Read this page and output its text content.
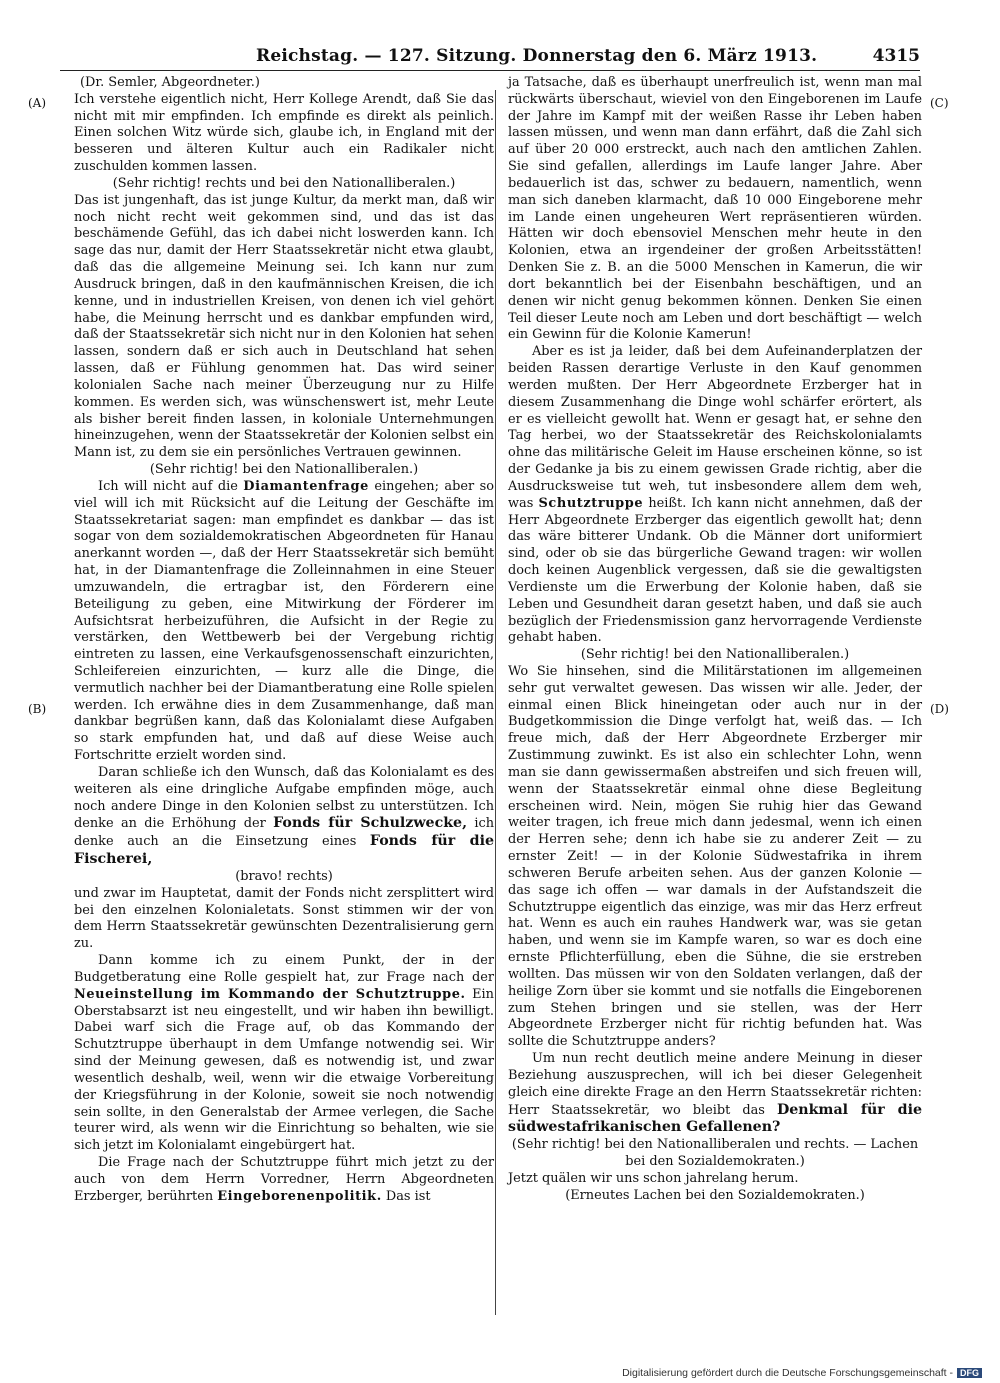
Reichstag. — 127. Sitzung. Donnerstag den 6. März 1913.	4315
(A)
(B)
(C)
(D)

(Dr. Semler, Abgeordneter.)

Ich verstehe eigentlich nicht, Herr Kollege Arendt, daß Sie das nicht mit mir empfinden. Ich empfinde es direkt als peinlich. Einen solchen Witz würde sich, glaube ich, in England mit der besseren und älteren Kultur auch ein Radikaler nicht zuschulden kommen lassen.

(Sehr richtig! rechts und bei den Nationalliberalen.)

Das ist jungenhaft, das ist junge Kultur, da merkt man, daß wir noch nicht recht weit gekommen sind, und das ist das beschämende Gefühl, das ich dabei nicht loswerden kann. Ich sage das nur, damit der Herr Staatssekretär nicht etwa glaubt, daß das die allgemeine Meinung sei. Ich kann nur zum Ausdruck bringen, daß in den kaufmännischen Kreisen, die ich kenne, und in industriellen Kreisen, von denen ich viel gehört habe, die Meinung herrscht und es dankbar empfunden wird, daß der Staatssekretär sich nicht nur in den Kolonien hat sehen lassen, sondern daß er sich auch in Deutschland hat sehen lassen, daß er Fühlung genommen hat. Das wird seiner kolonialen Sache nach meiner Überzeugung nur zu Hilfe kommen. Es werden sich, was wünschenswert ist, mehr Leute als bisher bereit finden lassen, in koloniale Unternehmungen hineinzugehen, wenn der Staatssekretär der Kolonien selbst ein Mann ist, zu dem sie ein persönliches Vertrauen gewinnen.

(Sehr richtig! bei den Nationalliberalen.)

Ich will nicht auf die Diamantenfrage eingehen; aber so viel will ich mit Rücksicht auf die Leitung der Geschäfte im Staatssekretariat sagen: man empfindet es dankbar — das ist sogar von dem sozialdemokratischen Abgeordneten für Hanau anerkannt worden —, daß der Herr Staatssekretär sich bemüht hat, in der Diamantenfrage die Zolleinnahmen in eine Steuer umzuwandeln, die ertragbar ist, den Förderern eine Beteiligung zu geben, eine Mitwirkung der Förderer im Aufsichtsrat herbeizuführen, die Aufsicht in der Regie zu verstärken, den Wettbewerb bei der Vergebung richtig eintreten zu lassen, eine Verkaufsgenossenschaft einzurichten, Schleifereien einzurichten, — kurz alle die Dinge, die vermutlich nachher bei der Diamantberatung eine Rolle spielen werden. Ich erwähne dies in dem Zusammenhange, daß man dankbar begrüßen kann, daß das Kolonialamt diese Aufgaben so stark empfunden hat, und daß auf diese Weise auch Fortschritte erzielt worden sind.

Daran schließe ich den Wunsch, daß das Kolonialamt es des weiteren als eine dringliche Aufgabe empfinden möge, auch noch andere Dinge in den Kolonien selbst zu unterstützen. Ich denke an die Erhöhung der Fonds für Schulzwecke, ich denke auch an die Einsetzung eines Fonds für die Fischerei,

(bravo! rechts)

und zwar im Hauptetat, damit der Fonds nicht zersplittert wird bei den einzelnen Kolonialetats. Sonst stimmen wir der von dem Herrn Staatssekretär gewünschten Dezentralisierung gern zu.

Dann komme ich zu einem Punkt, der in der Budgetberatung eine Rolle gespielt hat, zur Frage nach der Neueinstellung im Kommando der Schutztruppe. Ein Oberstabsarzt ist neu eingestellt, und wir haben ihn bewilligt. Dabei warf sich die Frage auf, ob das Kommando der Schutztruppe überhaupt in dem Umfange notwendig sei. Wir sind der Meinung gewesen, daß es notwendig ist, und zwar wesentlich deshalb, weil, wenn wir die etwaige Vorbereitung der Kriegsführung in der Kolonie, soweit sie noch notwendig sein sollte, in den Generalstab der Armee verlegen, die Sache teurer wird, als wenn wir die Einrichtung so behalten, wie sie sich jetzt im Kolonialamt eingebürgert hat.

Die Frage nach der Schutztruppe führt mich jetzt zu der auch von dem Herrn Vorredner, Herrn Abgeordneten Erzberger, berührten Eingeborenenpolitik. Das ist

ja Tatsache, daß es überhaupt unerfreulich ist, wenn man mal rückwärts überschaut, wieviel von den Eingeborenen im Laufe der Jahre im Kampf mit der weißen Rasse ihr Leben haben lassen müssen, und wenn man dann erfährt, daß die Zahl sich auf über 20 000 erstreckt, auch nach den amtlichen Zahlen. Sie sind gefallen, allerdings im Laufe langer Jahre. Aber bedauerlich ist das, schwer zu bedauern, namentlich, wenn man sich daneben klarmacht, daß 10 000 Eingeborene mehr im Lande einen ungeheuren Wert repräsentieren würden. Hätten wir doch ebensoviel Menschen mehr heute in den Kolonien, etwa an irgendeiner der großen Arbeitsstätten! Denken Sie z. B. an die 5000 Menschen in Kamerun, die wir dort bekanntlich bei der Eisenbahn beschäftigen, und an denen wir nicht genug bekommen können. Denken Sie einen Teil dieser Leute noch am Leben und dort beschäftigt — welch ein Gewinn für die Kolonie Kamerun!

Aber es ist ja leider, daß bei dem Aufeinanderplatzen der beiden Rassen derartige Verluste in den Kauf genommen werden mußten. Der Herr Abgeordnete Erzberger hat in diesem Zusammenhang die Dinge wohl schärfer erörtert, als er es vielleicht gewollt hat. Wenn er gesagt hat, er sehne den Tag herbei, wo der Staatssekretär des Reichskolonialamts ohne das militärische Geleit im Hause erscheinen könne, so ist der Gedanke ja bis zu einem gewissen Grade richtig, aber die Ausdrucksweise tut weh, tut insbesondere allem dem weh, was Schutztruppe heißt. Ich kann nicht annehmen, daß der Herr Abgeordnete Erzberger das eigentlich gewollt hat; denn das wäre bitterer Undank. Ob die Männer dort uniformiert sind, oder ob sie das bürgerliche Gewand tragen: wir wollen doch keinen Augenblick vergessen, daß sie die gewaltigsten Verdienste um die Erwerbung der Kolonie haben, daß sie Leben und Gesundheit daran gesetzt haben, und daß sie auch bezüglich der Friedensmission ganz hervorragende Verdienste gehabt haben.

(Sehr richtig! bei den Nationalliberalen.)

Wo Sie hinsehen, sind die Militärstationen im allgemeinen sehr gut verwaltet gewesen. Das wissen wir alle. Jeder, der einmal einen Blick hineingetan oder auch nur in der Budgetkommission die Dinge verfolgt hat, weiß das. — Ich freue mich, daß der Herr Abgeordnete Erzberger mir Zustimmung zuwinkt. Es ist also ein schlechter Lohn, wenn man sie dann gewissermaßen abstreifen und sich freuen will, wenn der Staatssekretär einmal ohne diese Begleitung erscheinen wird. Nein, mögen Sie ruhig hier das Gewand weiter tragen, ich freue mich dann jedesmal, wenn ich einen der Herren sehe; denn ich habe sie zu anderer Zeit — zu ernster Zeit! — in der Kolonie Südwestafrika in ihrem schweren Berufe arbeiten sehen. Aus der ganzen Kolonie — das sage ich offen — war damals in der Aufstandszeit die Schutztruppe eigentlich das einzige, was mir das Herz erfreut hat. Wenn es auch ein rauhes Handwerk war, was sie getan haben, und wenn sie im Kampfe waren, so war es doch eine ernste Pflichterfüllung, eben die Sühne, die sie erstreben wollten. Das müssen wir von den Soldaten verlangen, daß der heilige Zorn über sie kommt und sie notfalls die Eingeborenen zum Stehen bringen und sie stellen, was der Herr Abgeordnete Erzberger nicht für richtig befunden hat. Was sollte die Schutztruppe anders?

Um nun recht deutlich meine andere Meinung in dieser Beziehung auszusprechen, will ich bei dieser Gelegenheit gleich eine direkte Frage an den Herrn Staatssekretär richten: Herr Staatssekretär, wo bleibt das Denkmal für die südwestafrikanischen Gefallenen?

(Sehr richtig! bei den Nationalliberalen und rechts. — Lachen bei den Sozialdemokraten.)

Jetzt quälen wir uns schon jahrelang herum.

(Erneutes Lachen bei den Sozialdemokraten.)

Digitalisierung gefördert durch die Deutsche Forschungsgemeinschaft - DFG
